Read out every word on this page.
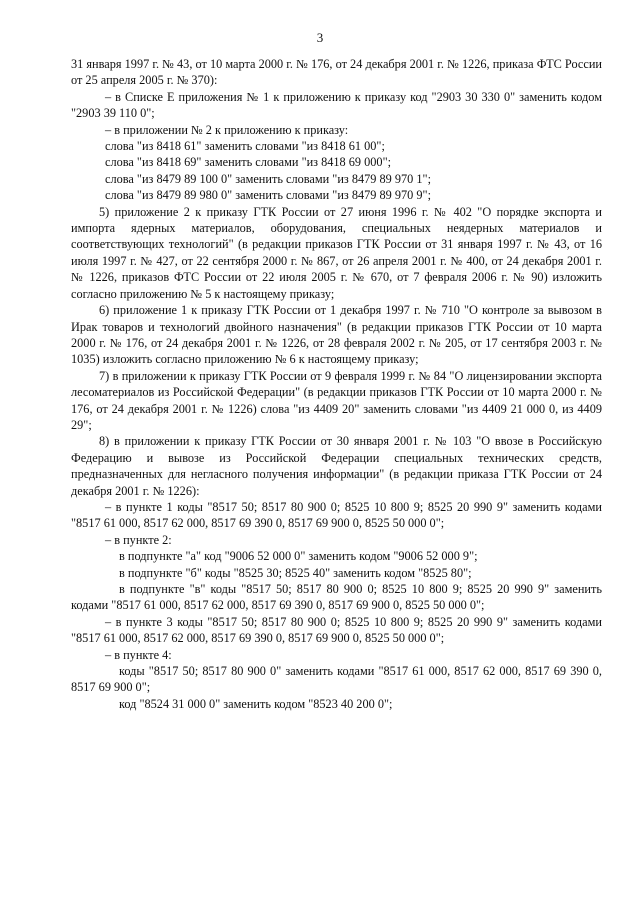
3

31 января 1997 г. № 43, от 10 марта 2000 г. № 176, от 24 декабря 2001 г. № 1226, приказа ФТС России от 25 апреля 2005 г. № 370):

– в Списке Е приложения № 1 к приложению к приказу код "2903 30 330 0" заменить кодом "2903 39 110 0";

– в приложении № 2 к приложению к приказу:

слова "из 8418 61" заменить словами "из 8418 61 00";

слова "из 8418 69" заменить словами "из 8418 69 000";

слова "из 8479 89 100 0" заменить словами "из 8479 89 970 1";

слова "из 8479 89 980 0" заменить словами "из 8479 89 970 9";

5) приложение 2 к приказу ГТК России от 27 июня 1996 г. № 402 "О порядке экспорта и импорта ядерных материалов, оборудования, специальных неядерных материалов и соответствующих технологий" (в редакции приказов ГТК России от 31 января 1997 г. № 43, от 16 июля 1997 г. № 427, от 22 сентября 2000 г. № 867, от 26 апреля 2001 г. № 400, от 24 декабря 2001 г. № 1226, приказов ФТС России от 22 июля 2005 г. № 670, от 7 февраля 2006 г. № 90) изложить согласно приложению № 5 к настоящему приказу;

6) приложение 1 к приказу ГТК России от 1 декабря 1997 г. № 710 "О контроле за вывозом в Ирак товаров и технологий двойного назначения" (в редакции приказов ГТК России от 10 марта 2000 г. № 176, от 24 декабря 2001 г. № 1226, от 28 февраля 2002 г. № 205, от 17 сентября 2003 г. № 1035) изложить согласно приложению № 6 к настоящему приказу;

7) в приложении к приказу ГТК России от 9 февраля 1999 г. № 84 "О лицензировании экспорта лесоматериалов из Российской Федерации" (в редакции приказов ГТК России от 10 марта 2000 г. № 176, от 24 декабря 2001 г. № 1226) слова "из 4409 20" заменить словами "из 4409 21 000 0, из 4409 29";

8) в приложении к приказу ГТК России от 30 января 2001 г. № 103 "О ввозе в Российскую Федерацию и вывозе из Российской Федерации специальных технических средств, предназначенных для негласного получения информации" (в редакции приказа ГТК России от 24 декабря 2001 г. № 1226):

– в пункте 1 коды "8517 50; 8517 80 900 0; 8525 10 800 9; 8525 20 990 9" заменить кодами "8517 61 000, 8517 62 000, 8517 69 390 0, 8517 69 900 0, 8525 50 000 0";

– в пункте 2:

в подпункте "а" код "9006 52 000 0" заменить кодом "9006 52 000 9";

в подпункте "б" коды "8525 30; 8525 40" заменить кодом "8525 80";

в подпункте "в" коды "8517 50; 8517 80 900 0; 8525 10 800 9; 8525 20 990 9" заменить кодами "8517 61 000, 8517 62 000, 8517 69 390 0, 8517 69 900 0, 8525 50 000 0";

– в пункте 3 коды "8517 50; 8517 80 900 0; 8525 10 800 9; 8525 20 990 9" заменить кодами "8517 61 000, 8517 62 000, 8517 69 390 0, 8517 69 900 0, 8525 50 000 0";

– в пункте 4:

коды "8517 50; 8517 80 900 0" заменить кодами "8517 61 000, 8517 62 000, 8517 69 390 0, 8517 69 900 0";

код "8524 31 000 0" заменить кодом "8523 40 200 0";
